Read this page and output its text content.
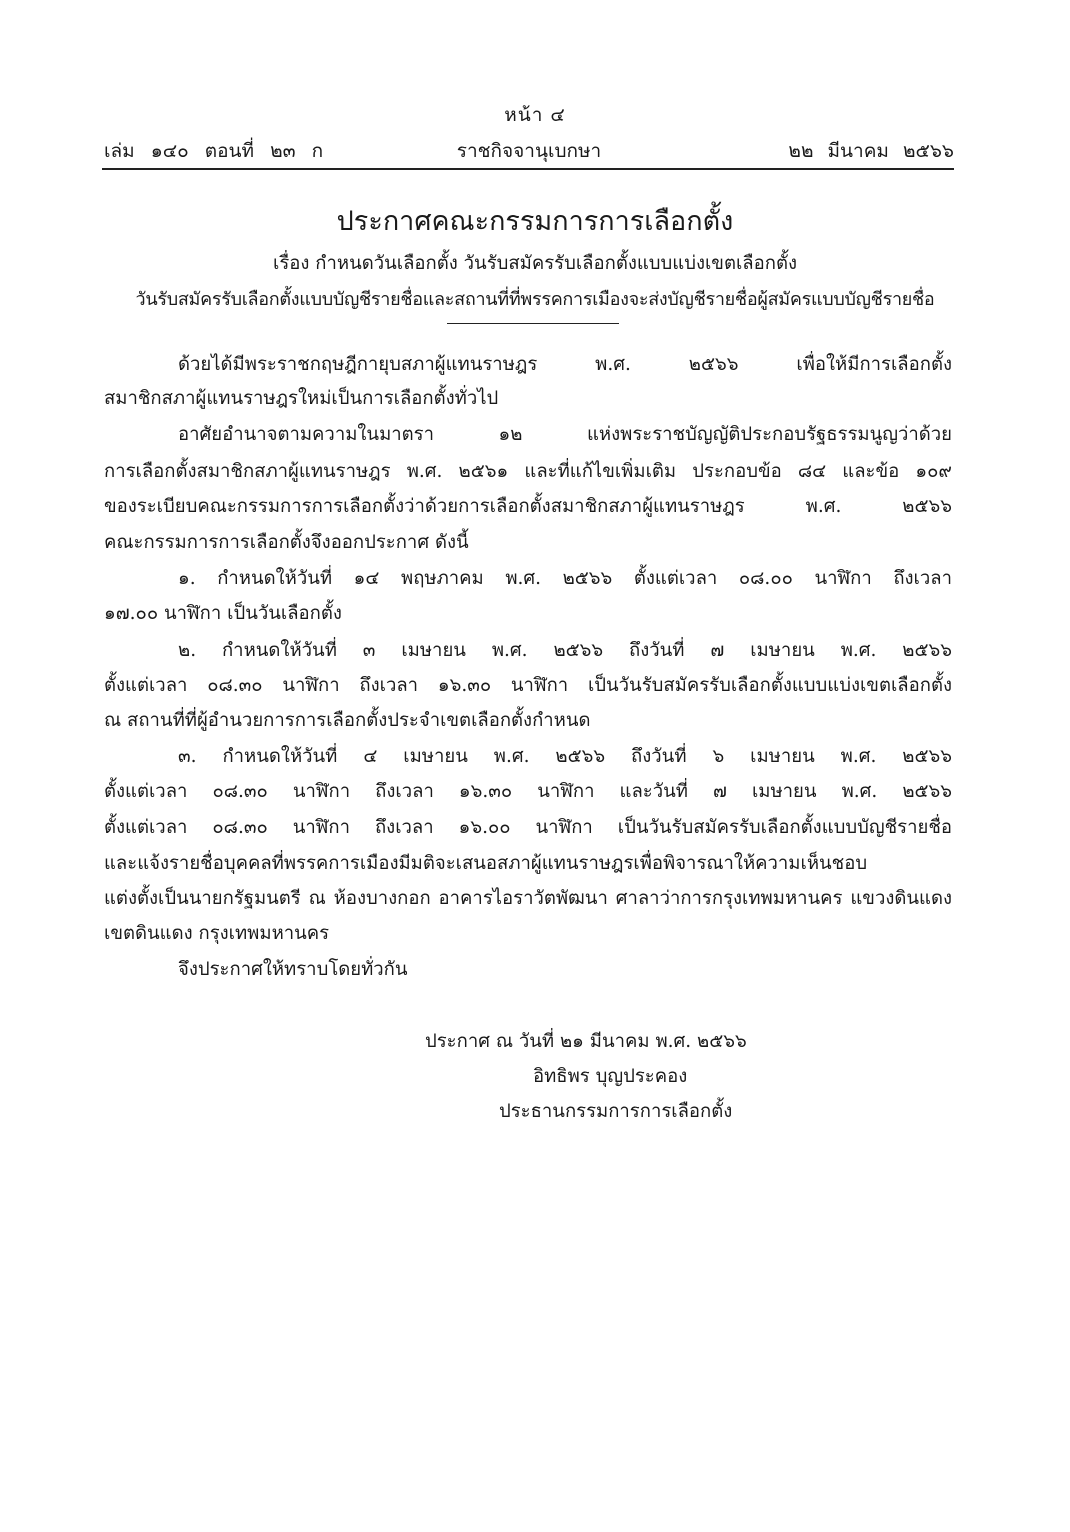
หน้า ๔
เล่ม ๑๔๐ ตอนที่ ๒๓ ก	ราชกิจจานุเบกษา	๒๒ มีนาคม ๒๕๖๖
ประกาศคณะกรรมการการเลือกตั้ง
เรื่อง กำหนดวันเลือกตั้ง วันรับสมัครรับเลือกตั้งแบบแบ่งเขตเลือกตั้ง
วันรับสมัครรับเลือกตั้งแบบบัญชีรายชื่อและสถานที่ที่พรรคการเมืองจะส่งบัญชีรายชื่อผู้สมัครแบบบัญชีรายชื่อ
ด้วยได้มีพระราชกฤษฎีกายุบสภาผู้แทนราษฎร พ.ศ. ๒๕๖๖ เพื่อให้มีการเลือกตั้ง
สมาชิกสภาผู้แทนราษฎรใหม่เป็นการเลือกตั้งทั่วไป
อาศัยอำนาจตามความในมาตรา ๑๒ แห่งพระราชบัญญัติประกอบรัฐธรรมนูญว่าด้วย
การเลือกตั้งสมาชิกสภาผู้แทนราษฎร พ.ศ. ๒๕๖๑ และที่แก้ไขเพิ่มเติม ประกอบข้อ ๘๔ และข้อ ๑๐๙
ของระเบียบคณะกรรมการการเลือกตั้งว่าด้วยการเลือกตั้งสมาชิกสภาผู้แทนราษฎร พ.ศ. ๒๕๖๖
คณะกรรมการการเลือกตั้งจึงออกประกาศ ดังนี้
๑. กำหนดให้วันที่ ๑๔ พฤษภาคม พ.ศ. ๒๕๖๖ ตั้งแต่เวลา ๐๘.๐๐ นาฬิกา ถึงเวลา
๑๗.๐๐ นาฬิกา เป็นวันเลือกตั้ง
๒. กำหนดให้วันที่ ๓ เมษายน พ.ศ. ๒๕๖๖ ถึงวันที่ ๗ เมษายน พ.ศ. ๒๕๖๖
ตั้งแต่เวลา ๐๘.๓๐ นาฬิกา ถึงเวลา ๑๖.๓๐ นาฬิกา เป็นวันรับสมัครรับเลือกตั้งแบบแบ่งเขตเลือกตั้ง
ณ สถานที่ที่ผู้อำนวยการการเลือกตั้งประจำเขตเลือกตั้งกำหนด
๓. กำหนดให้วันที่ ๔ เมษายน พ.ศ. ๒๕๖๖ ถึงวันที่ ๖ เมษายน พ.ศ. ๒๕๖๖
ตั้งแต่เวลา ๐๘.๓๐ นาฬิกา ถึงเวลา ๑๖.๓๐ นาฬิกา และวันที่ ๗ เมษายน พ.ศ. ๒๕๖๖
ตั้งแต่เวลา ๐๘.๓๐ นาฬิกา ถึงเวลา ๑๖.๐๐ นาฬิกา เป็นวันรับสมัครรับเลือกตั้งแบบบัญชีรายชื่อ
และแจ้งรายชื่อบุคคลที่พรรคการเมืองมีมติจะเสนอสภาผู้แทนราษฎรเพื่อพิจารณาให้ความเห็นชอบ
แต่งตั้งเป็นนายกรัฐมนตรี ณ ห้องบางกอก อาคารไอราวัตพัฒนา ศาลาว่าการกรุงเทพมหานคร แขวงดินแดง
เขตดินแดง กรุงเทพมหานคร
จึงประกาศให้ทราบโดยทั่วกัน
ประกาศ ณ วันที่ ๒๑ มีนาคม พ.ศ. ๒๕๖๖
อิทธิพร บุญประคอง
ประธานกรรมการการเลือกตั้ง
